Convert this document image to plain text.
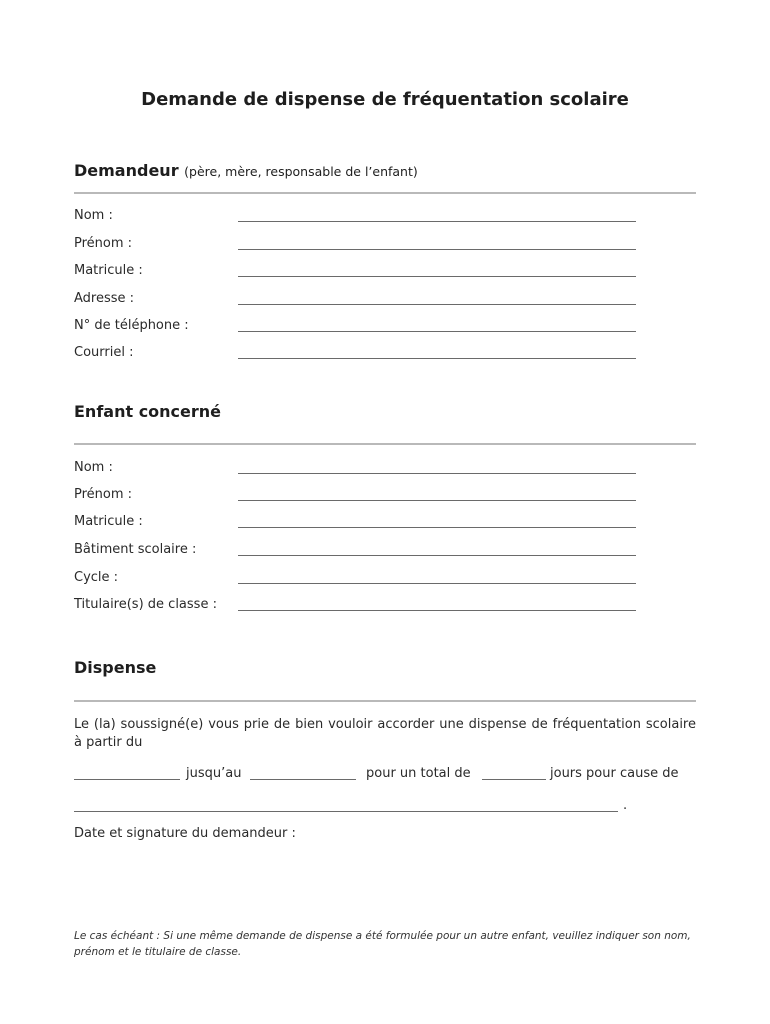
Demande de dispense de fréquentation scolaire
Demandeur (père, mère, responsable de l’enfant)
Nom :
Prénom :
Matricule :
Adresse :
N° de téléphone :
Courriel :
Enfant concerné
Nom :
Prénom :
Matricule :
Bâtiment scolaire :
Cycle :
Titulaire(s) de classe :
Dispense
Le (la) soussigné(e) vous prie de bien vouloir accorder une dispense de fréquentation scolaire à partir du
jusqu’au	pour un total de	jours pour cause de
.
Date et signature du demandeur :
Le cas échéant : Si une même demande de dispense a été formulée pour un autre enfant, veuillez indiquer son nom, prénom et le titulaire de classe.
